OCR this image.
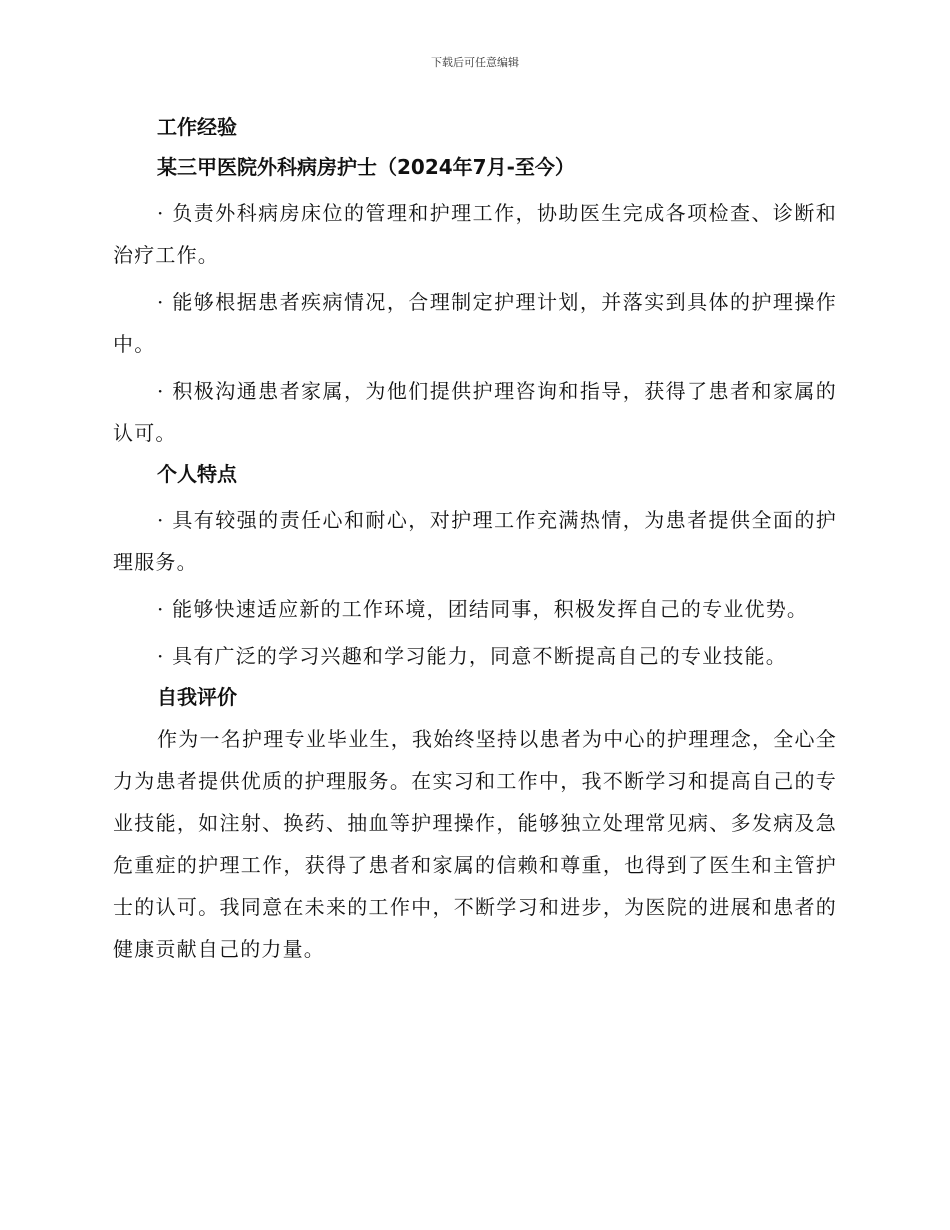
下载后可任意编辑
工作经验
某三甲医院外科病房护士（2024年7月-至今）

· 负责外科病房床位的管理和护理工作，协助医生完成各项检查、诊断和治疗工作。

· 能够根据患者疾病情况，合理制定护理计划，并落实到具体的护理操作中。

· 积极沟通患者家属，为他们提供护理咨询和指导，获得了患者和家属的认可。

个人特点

· 具有较强的责任心和耐心，对护理工作充满热情，为患者提供全面的护理服务。

· 能够快速适应新的工作环境，团结同事，积极发挥自己的专业优势。

· 具有广泛的学习兴趣和学习能力，同意不断提高自己的专业技能。

自我评价

作为一名护理专业毕业生，我始终坚持以患者为中心的护理理念，全心全力为患者提供优质的护理服务。在实习和工作中，我不断学习和提高自己的专业技能，如注射、换药、抽血等护理操作，能够独立处理常见病、多发病及急危重症的护理工作，获得了患者和家属的信赖和尊重，也得到了医生和主管护士的认可。我同意在未来的工作中，不断学习和进步，为医院的进展和患者的健康贡献自己的力量。
